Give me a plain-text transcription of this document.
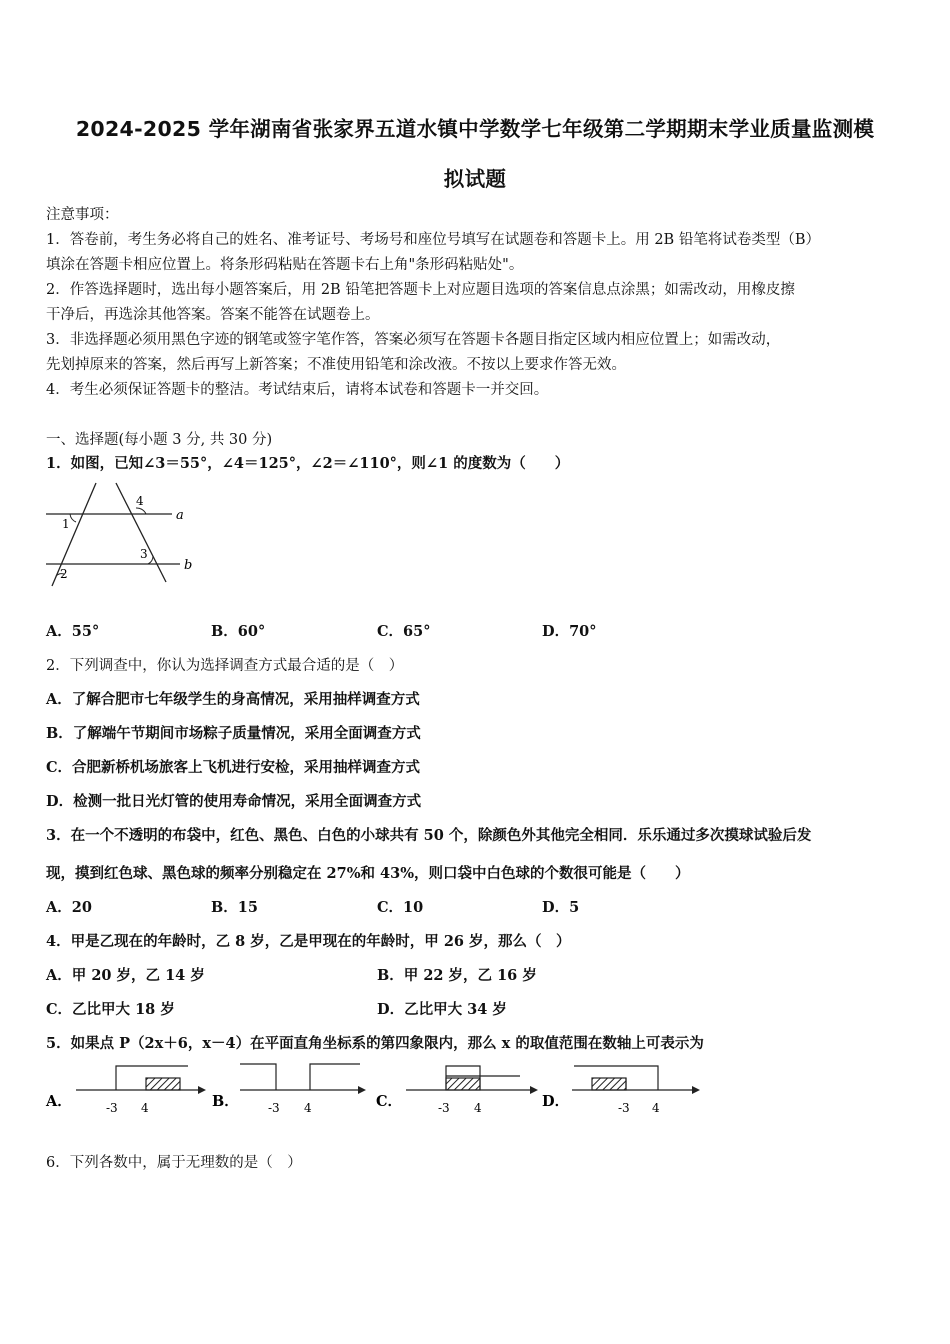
2024-2025 学年湖南省张家界五道水镇中学数学七年级第二学期期末学业质量监测模
拟试题
注意事项：
1．答卷前，考生务必将自己的姓名、准考证号、考场号和座位号填写在试题卷和答题卡上。用 2B 铅笔将试卷类型（B）
填涂在答题卡相应位置上。将条形码粘贴在答题卡右上角"条形码粘贴处"。
2．作答选择题时，选出每小题答案后，用 2B 铅笔把答题卡上对应题目选项的答案信息点涂黑；如需改动，用橡皮擦
干净后，再选涂其他答案。答案不能答在试题卷上。
3．非选择题必须用黑色字迹的钢笔或签字笔作答，答案必须写在答题卡各题目指定区域内相应位置上；如需改动，
先划掉原来的答案，然后再写上新答案；不准使用铅笔和涂改液。不按以上要求作答无效。
4．考生必须保证答题卡的整洁。考试结束后，请将本试卷和答题卡一并交回。
一、选择题(每小题 3 分, 共 30 分)
1．如图，已知∠3＝55°，∠4＝125°，∠2＝∠110°，则∠1 的度数为（　　）
a
b
1
2
3
4
A．55°	B．60°	C．65°	D．70°
2．下列调查中，你认为选择调查方式最合适的是（　）
A．了解合肥市七年级学生的身高情况，采用抽样调查方式
B．了解端午节期间市场粽子质量情况，采用全面调查方式
C．合肥新桥机场旅客上飞机进行安检，采用抽样调查方式
D．检测一批日光灯管的使用寿命情况，采用全面调查方式
3．在一个不透明的布袋中，红色、黑色、白色的小球共有 50 个，除颜色外其他完全相同．乐乐通过多次摸球试验后发
现，摸到红色球、黑色球的频率分别稳定在 27%和 43%，则口袋中白色球的个数很可能是（　　）
A．20	B．15	C．10	D．5
4．甲是乙现在的年龄时，乙 8 岁，乙是甲现在的年龄时，甲 26 岁，那么（　）
A．甲 20 岁，乙 14 岁	B．甲 22 岁，乙 16 岁
C．乙比甲大 18 岁	D．乙比甲大 34 岁
5．如果点 P（2x＋6，x－4）在平面直角坐标系的第四象限内，那么 x 的取值范围在数轴上可表示为
A．	-3 4	B． -3 4	C．	-3 4	D．	-3 4
6．下列各数中，属于无理数的是（　）
